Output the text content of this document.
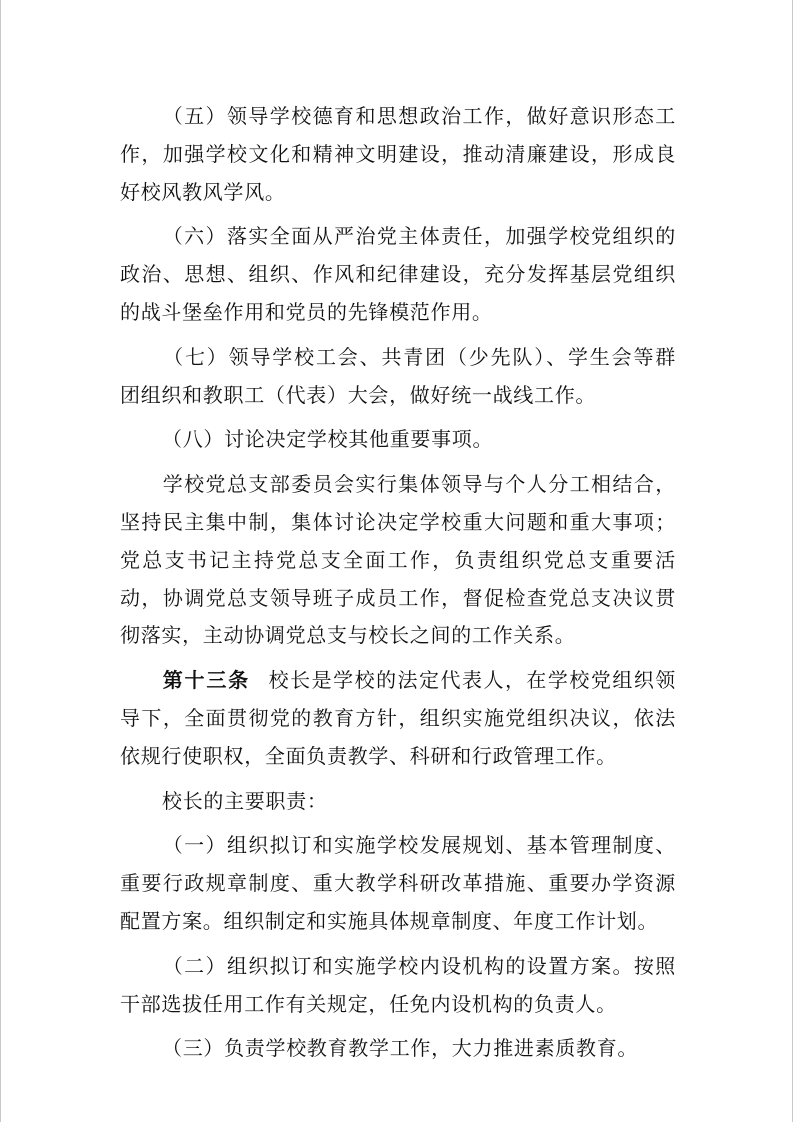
（五）领导学校德育和思想政治工作，做好意识形态工
作，加强学校文化和精神文明建设，推动清廉建设，形成良
好校风教风学风。
（六）落实全面从严治党主体责任，加强学校党组织的
政治、思想、组织、作风和纪律建设，充分发挥基层党组织
的战斗堡垒作用和党员的先锋模范作用。
（七）领导学校工会、共青团（少先队）、学生会等群
团组织和教职工（代表）大会，做好统一战线工作。
（八）讨论决定学校其他重要事项。
学校党总支部委员会实行集体领导与个人分工相结合，
坚持民主集中制，集体讨论决定学校重大问题和重大事项；
党总支书记主持党总支全面工作，负责组织党总支重要活
动，协调党总支领导班子成员工作，督促检查党总支决议贯
彻落实，主动协调党总支与校长之间的工作关系。
第十三条 校长是学校的法定代表人，在学校党组织领
导下，全面贯彻党的教育方针，组织实施党组织决议，依法
依规行使职权，全面负责教学、科研和行政管理工作。
校长的主要职责：
（一）组织拟订和实施学校发展规划、基本管理制度、
重要行政规章制度、重大教学科研改革措施、重要办学资源
配置方案。组织制定和实施具体规章制度、年度工作计划。
（二）组织拟订和实施学校内设机构的设置方案。按照
干部选拔任用工作有关规定，任免内设机构的负责人。
（三）负责学校教育教学工作，大力推进素质教育。
